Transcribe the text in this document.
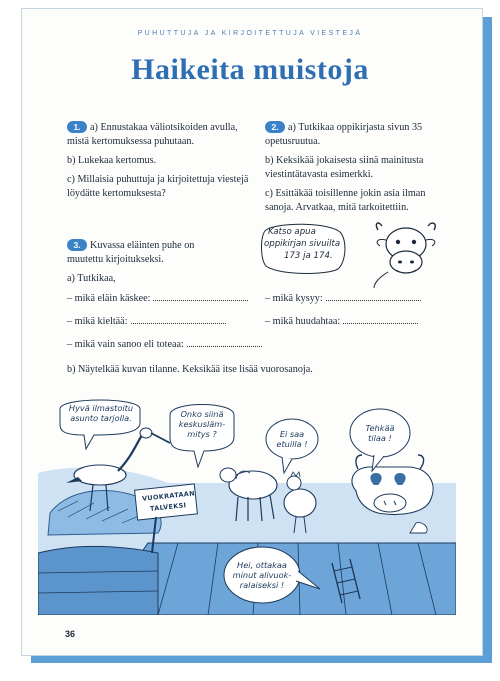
PUHUTTUJA JA KIRJOITETTUJA VIESTEJÄ
Haikeita muistoja
1. a) Ennustakaa väliotsikoiden avulla, mistä kertomuksessa puhutaan.
b) Lukekaa kertomus.
c) Millaisia puhuttuja ja kirjoitettuja viestejä löydätte kertomuksesta?
2. a) Tutkikaa oppikirjasta sivun 35 opetusruutua.
b) Keksikää jokaisesta siinä mainitusta viestintätavasta esimerkki.
c) Esittäkää toisillenne jokin asia ilman sanoja. Arvatkaa, mitä tarkoitettiin.
3. Kuvassa eläinten puhe on muutettu kirjoitukseksi.
a) Tutkikaa,
– mikä eläin käskee:	– mikä kysyy:
– mikä kieltää:	– mikä huudahtaa:
– mikä vain sanoo eli toteaa:
b) Näytelkää kuvan tilanne. Keksikää itse lisää vuorosanoja.
Katso apua
oppikirjan sivuilta
173 ja 174.
Hyvä ilmastoitu
asunto tarjolla.	Onko siinä
keskusläm-
mitys ?	Ei saa
etuilla !
Tehkää
tilaa !
Hei, ottakaa
minut alivuok-
ralaiseksi !
VUOKRATAAN
TALVEKSI
36
